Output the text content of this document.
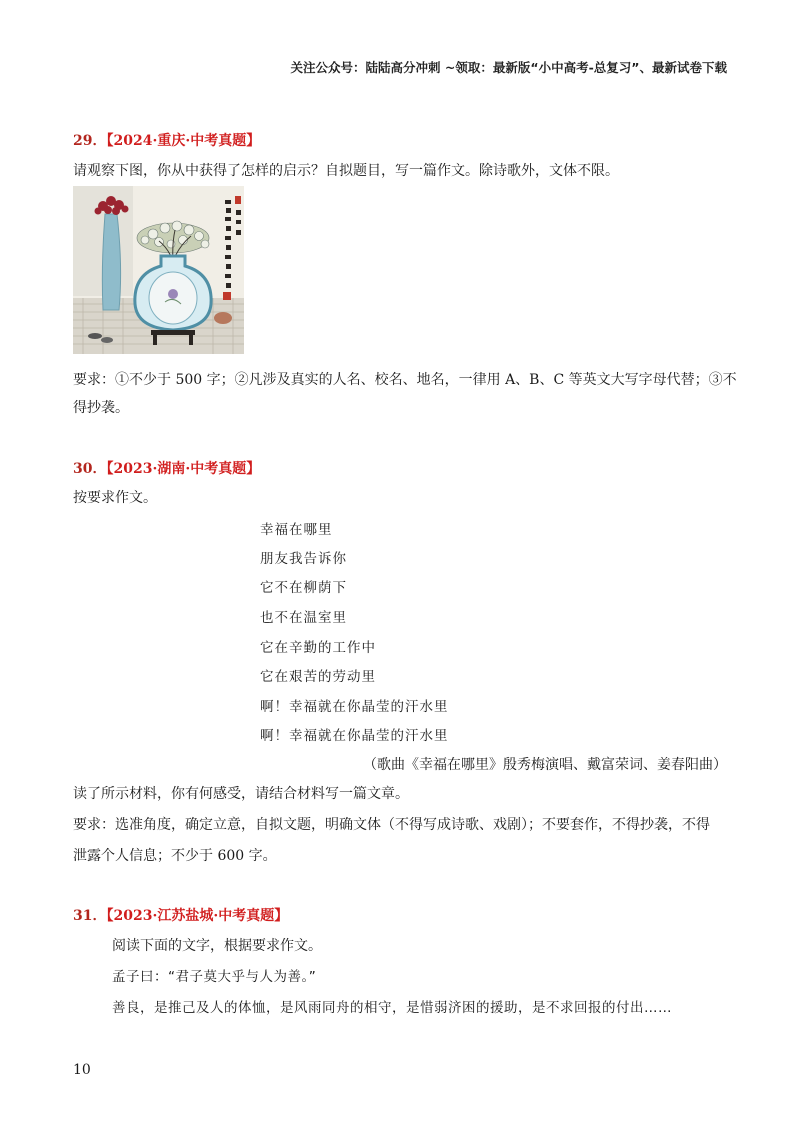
关注公众号：陆陆高分冲刺 ~领取：最新版“小中高考-总复习”、最新试卷下载
29．【2024·重庆·中考真题】
请观察下图，你从中获得了怎样的启示？自拟题目，写一篇作文。除诗歌外，文体不限。
要求：①不少于 500 字；②凡涉及真实的人名、校名、地名，一律用 A、B、C 等英文大写字母代替；③不
得抄袭。
30．【2023·湖南·中考真题】
按要求作文。
幸福在哪里
朋友我告诉你
它不在柳荫下
也不在温室里
它在辛勤的工作中
它在艰苦的劳动里
啊！幸福就在你晶莹的汗水里
啊！幸福就在你晶莹的汗水里
（歌曲《幸福在哪里》殷秀梅演唱、戴富荣词、姜春阳曲）
读了所示材料，你有何感受，请结合材料写一篇文章。
要求：选准角度，确定立意，自拟文题，明确文体（不得写成诗歌、戏剧）；不要套作，不得抄袭，不得
泄露个人信息；不少于 600 字。
31．【2023·江苏盐城·中考真题】
阅读下面的文字，根据要求作文。
孟子曰：“君子莫大乎与人为善。”
善良，是推己及人的体恤，是风雨同舟的相守，是惜弱济困的援助，是不求回报的付出……
10
